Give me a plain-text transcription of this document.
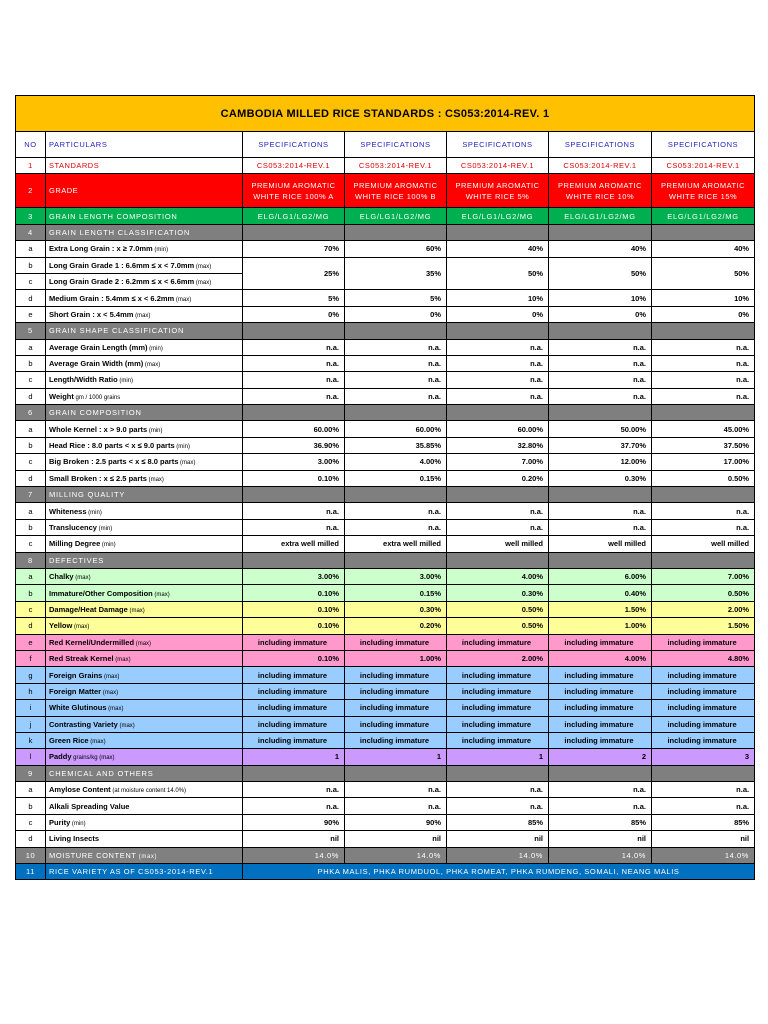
CAMBODIA MILLED RICE STANDARDS : CS053:2014-REV. 1						
NO	PARTICULARS	SPECIFICATIONS	SPECIFICATIONS	SPECIFICATIONS	SPECIFICATIONS	SPECIFICATIONS
1	STANDARDS	CS053:2014-REV.1	CS053:2014-REV.1	CS053:2014-REV.1	CS053:2014-REV.1	CS053:2014-REV.1
2	GRADE	PREMIUM AROMATIC WHITE RICE 100% A	PREMIUM AROMATIC WHITE RICE 100% B	PREMIUM AROMATIC WHITE RICE 5%	PREMIUM AROMATIC WHITE RICE 10%	PREMIUM AROMATIC WHITE RICE 15%
3	GRAIN LENGTH COMPOSITION	ELG/LG1/LG2/MG	ELG/LG1/LG2/MG	ELG/LG1/LG2/MG	ELG/LG1/LG2/MG	ELG/LG1/LG2/MG
4	GRAIN LENGTH CLASSIFICATION					
a	Extra Long Grain : x ≥ 7.0mm (min)	70%	60%	40%	40%	40%
b	Long Grain Grade 1 : 6.6mm ≤ x < 7.0mm (max)	25%	35%	50%	50%	50%
c	Long Grain Grade 2 : 6.2mm ≤ x < 6.6mm (max)					
d	Medium Grain : 5.4mm ≤ x < 6.2mm (max)	5%	5%	10%	10%	10%
e	Short Grain : x < 5.4mm (max)	0%	0%	0%	0%	0%
5	GRAIN SHAPE CLASSIFICATION					
a	Average Grain Length (mm) (min)	n.a.	n.a.	n.a.	n.a.	n.a.
b	Average Grain Width (mm) (max)	n.a.	n.a.	n.a.	n.a.	n.a.
c	Length/Width Ratio (min)	n.a.	n.a.	n.a.	n.a.	n.a.
d	Weight gm / 1000 grains	n.a.	n.a.	n.a.	n.a.	n.a.
6	GRAIN COMPOSITION					
a	Whole Kernel : x > 9.0 parts (min)	60.00%	60.00%	60.00%	50.00%	45.00%
b	Head Rice : 8.0 parts < x ≤ 9.0 parts (min)	36.90%	35.85%	32.80%	37.70%	37.50%
c	Big Broken : 2.5 parts < x ≤ 8.0 parts (max)	3.00%	4.00%	7.00%	12.00%	17.00%
d	Small Broken : x ≤ 2.5 parts (max)	0.10%	0.15%	0.20%	0.30%	0.50%
7	MILLING QUALITY					
a	Whiteness (min)	n.a.	n.a.	n.a.	n.a.	n.a.
b	Translucency (min)	n.a.	n.a.	n.a.	n.a.	n.a.
c	Milling Degree (min)	extra well milled	extra well milled	well milled	well milled	well milled
8	DEFECTIVES					
a	Chalky (max)	3.00%	3.00%	4.00%	6.00%	7.00%
b	Immature/Other Composition (max)	0.10%	0.15%	0.30%	0.40%	0.50%
c	Damage/Heat Damage (max)	0.10%	0.30%	0.50%	1.50%	2.00%
d	Yellow (max)	0.10%	0.20%	0.50%	1.00%	1.50%
e	Red Kernel/Undermilled (max)	including immature	including immature	including immature	including immature	including immature
f	Red Streak Kernel (max)	0.10%	1.00%	2.00%	4.00%	4.80%
g	Foreign Grains (max)	including immature	including immature	including immature	including immature	including immature
h	Foreign Matter (max)	including immature	including immature	including immature	including immature	including immature
i	White Glutinous (max)	including immature	including immature	including immature	including immature	including immature
j	Contrasting Variety (max)	including immature	including immature	including immature	including immature	including immature
k	Green Rice (max)	including immature	including immature	including immature	including immature	including immature
l	Paddy grains/kg (max)	1	1	1	2	3
9	CHEMICAL AND OTHERS					
a	Amylose Content (at moisture content 14.0%)	n.a.	n.a.	n.a.	n.a.	n.a.
b	Alkali Spreading Value	n.a.	n.a.	n.a.	n.a.	n.a.
c	Purity (min)	90%	90%	85%	85%	85%
d	Living Insects	nil	nil	nil	nil	nil
10	MOISTURE CONTENT (max)	14.0%	14.0%	14.0%	14.0%	14.0%
11	RICE VARIETY AS OF CS053-2014-REV.1	PHKA MALIS, PHKA RUMDUOL, PHKA ROMEAT, PHKA RUMDENG, SOMALI, NEANG MALIS				
